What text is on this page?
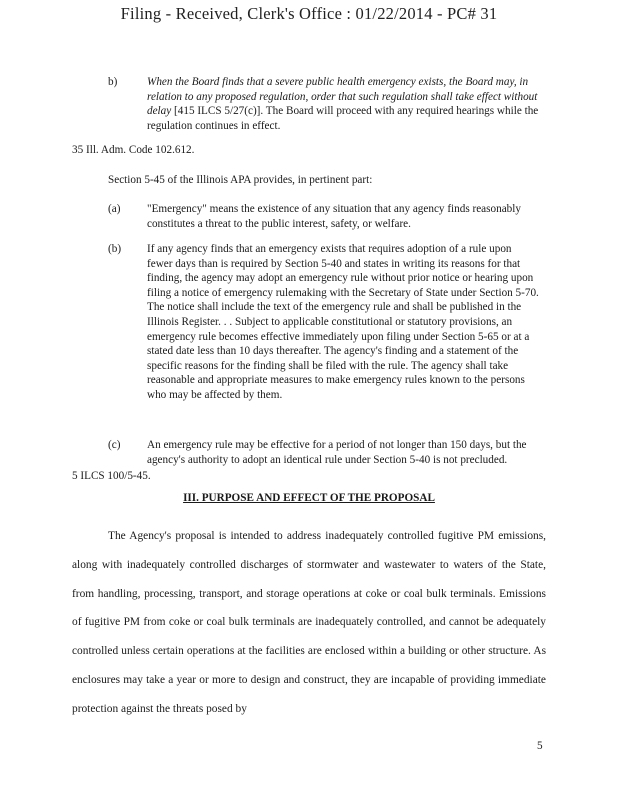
Filing - Received, Clerk's Office : 01/22/2014 - PC# 31
b)	When the Board finds that a severe public health emergency exists, the Board may, in relation to any proposed regulation, order that such regulation shall take effect without delay [415 ILCS 5/27(c)]. The Board will proceed with any required hearings while the regulation continues in effect.
35 Ill. Adm. Code 102.612.
Section 5-45 of the Illinois APA provides, in pertinent part:
(a) "Emergency" means the existence of any situation that any agency finds reasonably constitutes a threat to the public interest, safety, or welfare.
(b) If any agency finds that an emergency exists that requires adoption of a rule upon fewer days than is required by Section 5-40 and states in writing its reasons for that finding, the agency may adopt an emergency rule without prior notice or hearing upon filing a notice of emergency rulemaking with the Secretary of State under Section 5-70. The notice shall include the text of the emergency rule and shall be published in the Illinois Register. . . Subject to applicable constitutional or statutory provisions, an emergency rule becomes effective immediately upon filing under Section 5-65 or at a stated date less than 10 days thereafter. The agency's finding and a statement of the specific reasons for the finding shall be filed with the rule. The agency shall take reasonable and appropriate measures to make emergency rules known to the persons who may be affected by them.
(c) An emergency rule may be effective for a period of not longer than 150 days, but the agency's authority to adopt an identical rule under Section 5-40 is not precluded.
5 ILCS 100/5-45.
III. PURPOSE AND EFFECT OF THE PROPOSAL

The Agency's proposal is intended to address inadequately controlled fugitive PM emissions, along with inadequately controlled discharges of stormwater and wastewater to waters of the State, from handling, processing, transport, and storage operations at coke or coal bulk terminals. Emissions of fugitive PM from coke or coal bulk terminals are inadequately controlled, and cannot be adequately controlled unless certain operations at the facilities are enclosed within a building or other structure. As enclosures may take a year or more to design and construct, they are incapable of providing immediate protection against the threats posed by

5
